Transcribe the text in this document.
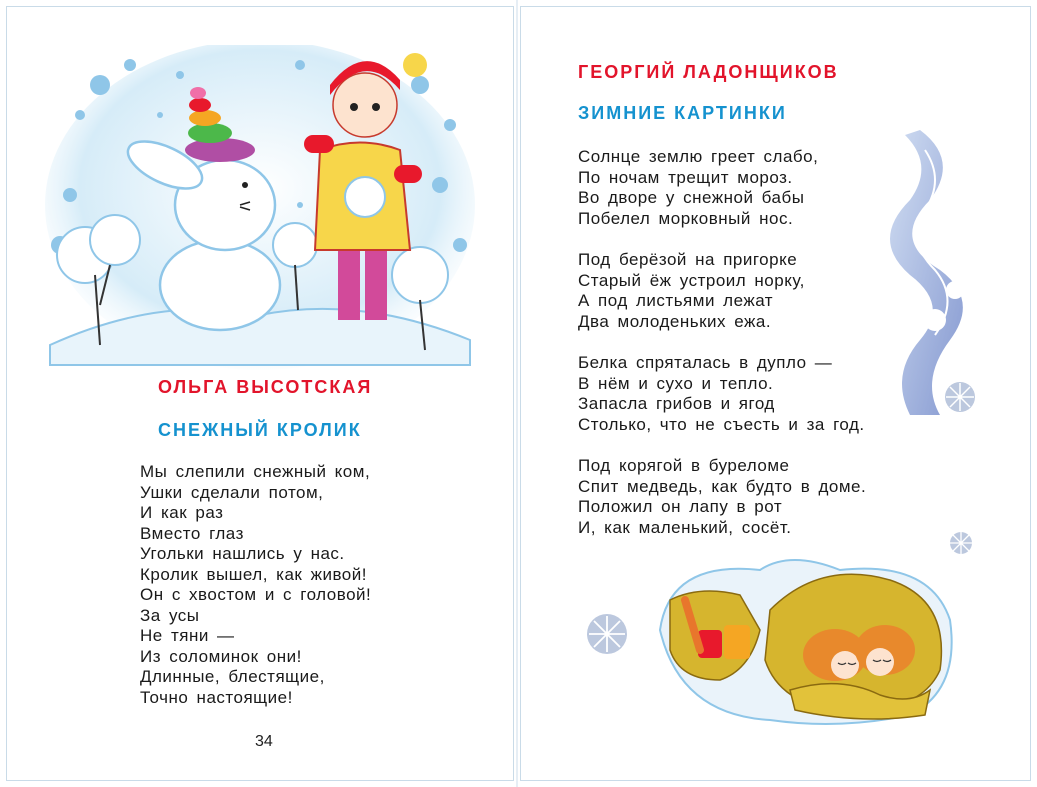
ОЛЬГА ВЫСОТСКАЯ
СНЕЖНЫЙ КРОЛИК
Мы слепили снежный ком,
Ушки сделали потом,
И как раз
Вместо глаз
Угольки нашлись у нас.
Кролик вышел, как живой!
Он с хвостом и с головой!
За усы
Не тяни —
Из соломинок они!
Длинные, блестящие,
Точно настоящие!
34
ГЕОРГИЙ ЛАДОНЩИКОВ
ЗИМНИЕ КАРТИНКИ
Солнце землю греет слабо,
По ночам трещит мороз.
Во дворе у снежной бабы
Побелел морковный нос.
Под берёзой на пригорке
Старый ёж устроил норку,
А под листьями лежат
Два молоденьких ежа.
Белка спряталась в дупло —
В нём и сухо и тепло.
Запасла грибов и ягод
Столько, что не съесть и за год.
Под корягой в буреломе
Спит медведь, как будто в доме.
Положил он лапу в рот
И, как маленький, сосёт.
